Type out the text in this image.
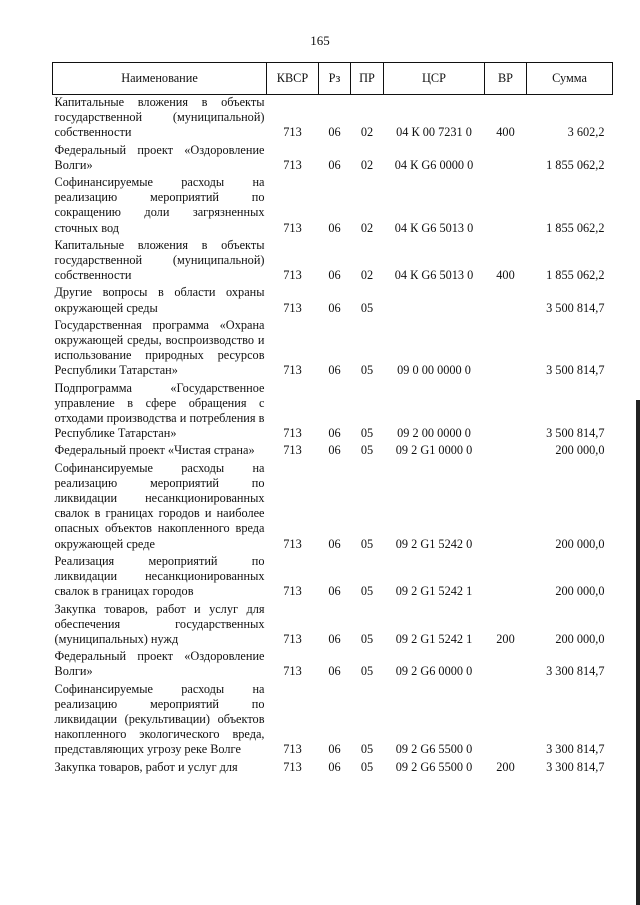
165
Наименование	КВСР	Рз	ПР	ЦСР	ВР	Сумма
Капитальные вложения в объекты государственной (муниципальной) собственности	713	06	02	04 К 00 7231 0	400	3 602,2
Федеральный проект «Оздоровление Волги»	713	06	02	04 К G6 0000 0		1 855 062,2
Софинансируемые расходы на реализацию мероприятий по сокращению доли загрязненных сточных вод	713	06	02	04 К G6 5013 0		1 855 062,2
Капитальные вложения в объекты государственной (муниципальной) собственности	713	06	02	04 К G6 5013 0	400	1 855 062,2
Другие вопросы в области охраны окружающей среды	713	06	05			3 500 814,7
Государственная программа «Охрана окружающей среды, воспроизводство и использование природных ресурсов Республики Татарстан»	713	06	05	09 0 00 0000 0		3 500 814,7
Подпрограмма «Государственное управление в сфере обращения с отходами производства и потребления в Республике Татарстан»	713	06	05	09 2 00 0000 0		3 500 814,7
Федеральный проект «Чистая страна»	713	06	05	09 2 G1 0000 0		200 000,0
Софинансируемые расходы на реализацию мероприятий по ликвидации несанкционированных свалок в границах городов и наиболее опасных объектов накопленного вреда окружающей среде	713	06	05	09 2 G1 5242 0		200 000,0
Реализация мероприятий по ликвидации несанкционированных свалок в границах городов	713	06	05	09 2 G1 5242 1		200 000,0
Закупка товаров, работ и услуг для обеспечения государственных (муниципальных) нужд	713	06	05	09 2 G1 5242 1	200	200 000,0
Федеральный проект «Оздоровление Волги»	713	06	05	09 2 G6 0000 0		3 300 814,7
Софинансируемые расходы на реализацию мероприятий по ликвидации (рекультивации) объектов накопленного экологического вреда, представляющих угрозу реке Волге	713	06	05	09 2 G6 5500 0		3 300 814,7
Закупка товаров, работ и услуг для	713	06	05	09 2 G6 5500 0	200	3 300 814,7
